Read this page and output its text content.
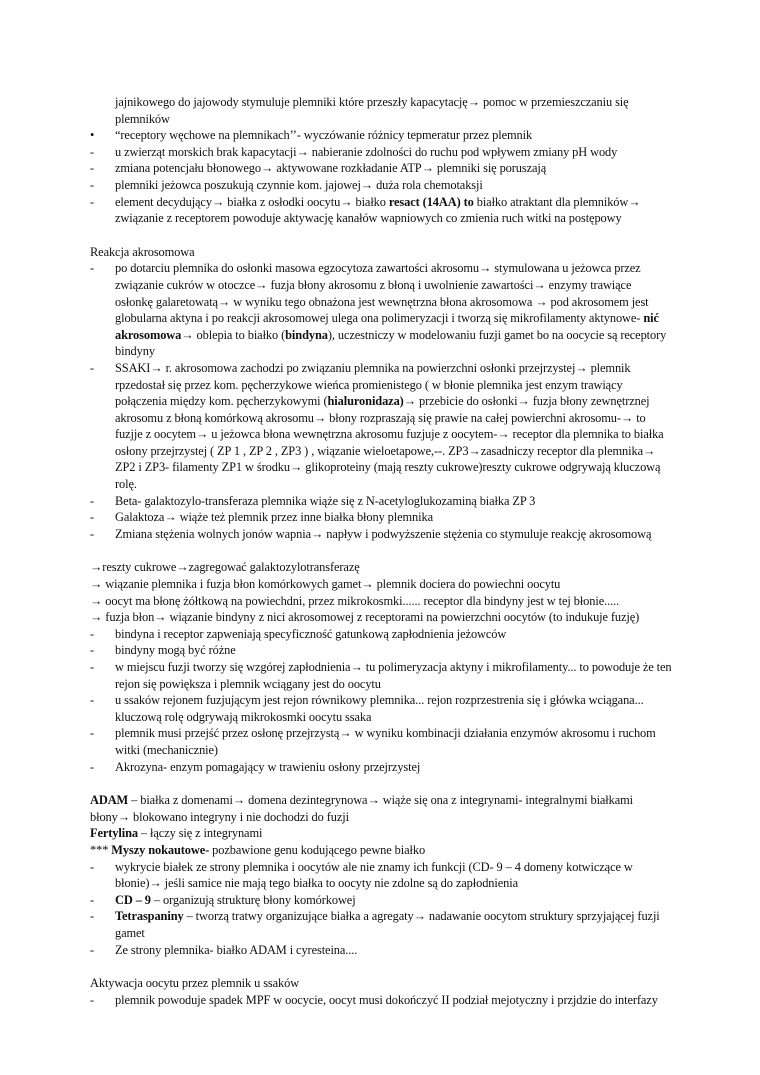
jajnikowego do jajowody stymuluje plemniki które przeszły kapacytację→ pomoc w przemieszczaniu się plemników

•	“receptory węchowe na plemnikach’’- wyczówanie różnicy tepmeratur przez plemnik
-	u zwierząt morskich brak kapacytacji→ nabieranie zdolności do ruchu pod wpływem zmiany pH wody
-	zmiana potencjału błonowego→ aktywowane rozkładanie ATP→ plemniki się poruszają
-	plemniki jeżowca poszukują czynnie kom. jajowej→ duża rola chemotaksji
-	element decydujący→ białka z osłodki oocytu→ białko resact (14AA) to białko atraktant dla plemników→ związanie z receptorem powoduje aktywację kanałów wapniowych co zmienia ruch witki na postępowy

Reakcja akrosomowa

-	po dotarciu plemnika do osłonki masowa egzocytoza zawartości akrosomu→ stymulowana u jeżowca przez związanie cukrów w otoczce→ fuzja błony akrosomu z błoną i uwolnienie zawartości→ enzymy trawiące osłonkę galaretowatą→ w wyniku tego obnażona jest wewnętrzna błona akrosomowa → pod akrosomem jest globularna aktyna i po reakcji akrosomowej ulega ona polimeryzacji i tworzą się mikrofilamenty aktynowe- nić akrosomowa→ oblepia to białko (bindyna), uczestniczy w modelowaniu fuzji gamet bo na oocycie są receptory bindyny
-	SSAKI→ r. akrosomowa zachodzi po związaniu plemnika na powierzchni osłonki przejrzystej→ plemnik rpzedostał się przez kom. pęcherzykowe wieńca promienistego ( w błonie plemnika jest enzym trawiący połączenia między kom. pęcherzykowymi (hialuronidaza)→ przebicie do osłonki→ fuzja błony zewnętrznej akrosomu z błoną komórkową akrosomu→ błony rozpraszają się prawie na całej powierchni akrosomu-→ to fuzjje z oocytem→ u jeżowca błona wewnętrzna akrosomu fuzjuje z oocytem-→ receptor dla plemnika to białka osłony przejrzystej ( ZP 1 , ZP 2 , ZP3 ) , wiązanie wieloetapowe,--. ZP3→zasadniczy receptor dla plemnika→ ZP2 i ZP3- filamenty ZP1 w środku→ glikoproteiny (mają reszty cukrowe)reszty cukrowe odgrywają kluczową rolę.
-	Beta- galaktozylo-transferaza plemnika wiąże się z N-acetyloglukozaminą białka ZP 3
-	Galaktoza→ wiąże też plemnik przez inne białka błony plemnika
-	Zmiana stężenia wolnych jonów wapnia→ napływ i podwyższenie stężenia co stymuluje reakcję akrosomową

→reszty cukrowe→zagregować galaktozylotransferazę

→ wiązanie plemnika i fuzja błon komórkowych gamet→ plemnik dociera do powiechni oocytu

→ oocyt ma błonę żółtkową na powiechdni, przez mikrokosmki...... receptor dla bindyny jest w tej błonie.....

→ fuzja błon→ wiązanie bindyny z nici akrosomowej z receptorami na powierzchni oocytów (to indukuje fuzję)

-	bindyna i receptor zapweniają specyficzność gatunkową zapłodnienia jeżowców
-	bindyny mogą być różne
-	w miejscu fuzji tworzy się wzgórej zapłodnienia→ tu polimeryzacja aktyny i mikrofilamenty... to powoduje że ten rejon się powiększa i plemnik wciągany jest do oocytu
-	u ssaków rejonem fuzjującym jest rejon równikowy plemnika... rejon rozprzestrenia się i główka wciągana... kluczową rolę odgrywają mikrokosmki oocytu ssaka
-	plemnik musi przejść przez osłonę przejrzystą→ w wyniku kombinacji działania enzymów akrosomu i ruchom witki (mechanicznie)
-	Akrozyna- enzym pomagający w trawieniu osłony przejrzystej

ADAM – białka z domenami→ domena dezintegrynowa→ wiąże się ona z integrynami- integralnymi białkami błony→ blokowano integryny i nie dochodzi do fuzji

Fertylina – łączy się z integrynami

*** Myszy nokautowe- pozbawione genu kodującego pewne białko

-	wykrycie białek ze strony plemnika i oocytów ale nie znamy ich funkcji (CD- 9 – 4 domeny kotwiczące w błonie)→ jeśli samice nie mają tego białka to oocyty nie zdolne są do zapłodnienia
-	CD – 9 – organizują strukturę błony komórkowej
-	Tetraspaniny – tworzą tratwy organizujące białka a agregaty→ nadawanie oocytom struktury sprzyjającej fuzji gamet
-	Ze strony plemnika- białko ADAM i cyresteina....

Aktywacja oocytu przez plemnik u ssaków

-	plemnik powoduje spadek MPF w oocycie, oocyt musi dokończyć II podział mejotyczny i przjdzie do interfazy
